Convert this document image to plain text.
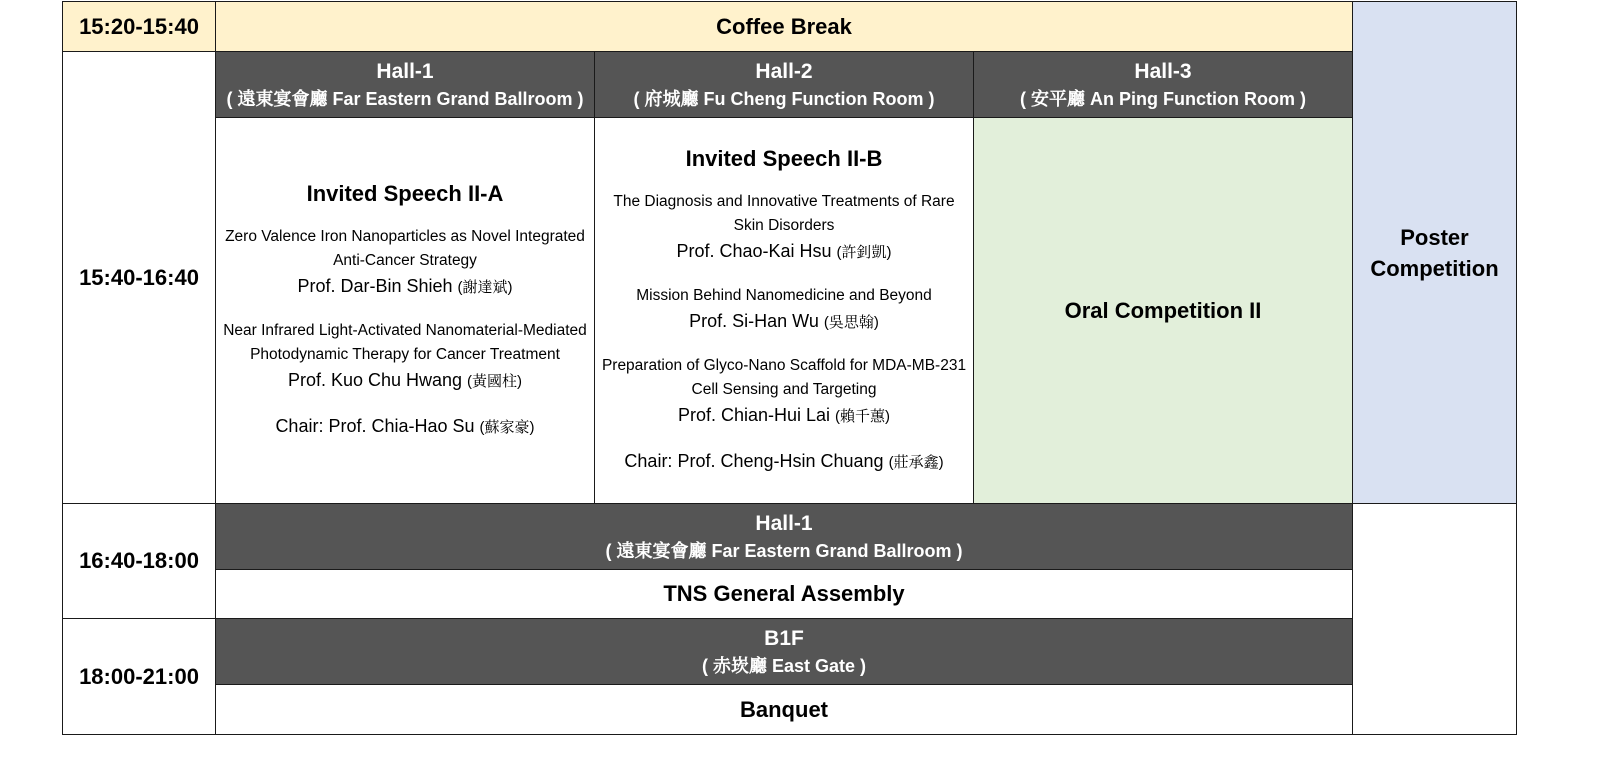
15:20-15:40	Coffee Break
15:40-16:40
Hall-1
( 遠東宴會廳 Far Eastern Grand Ballroom )
Hall-2
( 府城廳 Fu Cheng Function Room )
Hall-3
( 安平廳 An Ping Function Room )
Invited Speech II-A
Zero Valence Iron Nanoparticles as Novel Integrated Anti-Cancer Strategy
Prof. Dar-Bin Shieh (謝達斌)
Near Infrared Light-Activated Nanomaterial-Mediated Photodynamic Therapy for Cancer Treatment
Prof. Kuo Chu Hwang (黃國柱)
Chair: Prof. Chia-Hao Su (蘇家豪)
Invited Speech II-B
The Diagnosis and Innovative Treatments of Rare Skin Disorders
Prof. Chao-Kai Hsu (許釗凱)
Mission Behind Nanomedicine and Beyond
Prof. Si-Han Wu (吳思翰)
Preparation of Glyco-Nano Scaffold for MDA-MB-231 Cell Sensing and Targeting
Prof. Chian-Hui Lai (賴千蕙)
Chair: Prof. Cheng-Hsin Chuang (莊承鑫)
Oral Competition II
Poster Competition
16:40-18:00
Hall-1
( 遠東宴會廳 Far Eastern Grand Ballroom )
TNS General Assembly
18:00-21:00
B1F
( 赤崁廳 East Gate )
Banquet
